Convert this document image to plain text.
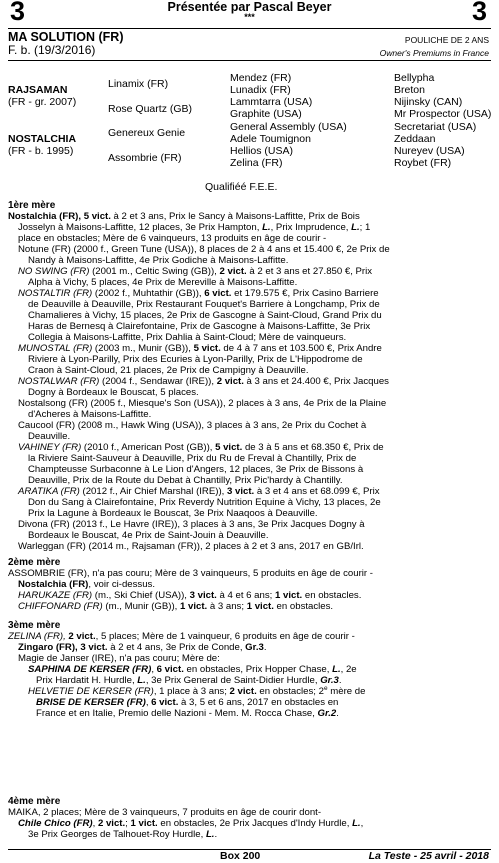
3	3
Présentée par Pascal Beyer
***
MA SOLUTION (FR)
F. b. (19/3/2016)
POULICHE DE 2 ANS
Owner's Premiums in France
RAJSAMAN
(FR - gr. 2007)
NOSTALCHIA
(FR - b. 1995)
Linamix (FR)
Rose Quartz (GB)
Genereux Genie
Assombrie (FR)
Mendez (FR)
Lunadix (FR)
Lammtarra (USA)
Graphite (USA)
General Assembly (USA)
Adele Toumignon
Hellios (USA)
Zelina (FR)
Bellypha
Breton
Nijinsky (CAN)
Mr Prospector (USA)
Secretariat (USA)
Zeddaan
Nureyev (USA)
Roybet (FR)
Qualifiéé F.E.E.
1ère mère
Nostalchia (FR), 5 vict. à 2 et 3 ans, Prix le Sancy à Maisons-Laffitte, Prix de Bois
Josselyn à Maisons-Laffitte, 12 places, 3e Prix Hampton, L., Prix Imprudence, L.; 1
place en obstacles; Mère de 6 vainqueurs, 13 produits en âge de courir -
Notune (FR) (2000 f., Green Tune (USA)), 8 places de 2 à 4 ans et 15.400 €, 2e Prix de
Nandy à Maisons-Laffitte, 4e Prix Godiche à Maisons-Laffitte.
NO SWING (FR) (2001 m., Celtic Swing (GB)), 2 vict. à 2 et 3 ans et 27.850 €, Prix
Alpha à Vichy, 5 places, 4e Prix de Mereville à Maisons-Laffitte.
NOSTALTIR (FR) (2002 f., Muhtathir (GB)), 6 vict. et 179.575 €, Prix Casino Barriere
de Deauville à Deauville, Prix Restaurant Fouquet's Barriere à Longchamp, Prix de
Chamalieres à Vichy, 15 places, 2e Prix de Gascogne à Saint-Cloud, Grand Prix du
Haras de Bernesq à Clairefontaine, Prix de Gascogne à Maisons-Laffitte, 3e Prix
Collegia à Maisons-Laffitte, Prix Dahlia à Saint-Cloud; Mère de vainqueurs.
MUNOSTAL (FR) (2003 m., Munir (GB)), 5 vict. de 4 à 7 ans et 103.500 €, Prix Andre
Riviere à Lyon-Parilly, Prix des Ecuries à Lyon-Parilly, Prix de L'Hippodrome de
Craon à Saint-Cloud, 21 places, 2e Prix de Campigny à Deauville.
NOSTALWAR (FR) (2004 f., Sendawar (IRE)), 2 vict. à 3 ans et 24.400 €, Prix Jacques
Dogny à Bordeaux le Bouscat, 5 places.
Nostalsong (FR) (2005 f., Miesque's Son (USA)), 2 places à 3 ans, 4e Prix de la Plaine
d'Acheres à Maisons-Laffitte.
Caucool (FR) (2008 m., Hawk Wing (USA)), 3 places à 3 ans, 2e Prix du Cochet à
Deauville.
VAHINEY (FR) (2010 f., American Post (GB)), 5 vict. de 3 à 5 ans et 68.350 €, Prix de
la Riviere Saint-Sauveur à Deauville, Prix du Ru de Freval à Chantilly, Prix de
Champteusse Surbaconne à Le Lion d'Angers, 12 places, 3e Prix de Bissons à
Deauville, Prix de la Route du Debat à Chantilly, Prix Pic'hardy à Chantilly.
ARATIKA (FR) (2012 f., Air Chief Marshal (IRE)), 3 vict. à 3 et 4 ans et 68.099 €, Prix
Don du Sang à Clairefontaine, Prix Reverdy Nutrition Equine à Vichy, 13 places, 2e
Prix la Lagune à Bordeaux le Bouscat, 3e Prix Naaqoos à Deauville.
Divona (FR) (2013 f., Le Havre (IRE)), 3 places à 3 ans, 3e Prix Jacques Dogny à
Bordeaux le Bouscat, 4e Prix de Saint-Jouin à Deauville.
Warleggan (FR) (2014 m., Rajsaman (FR)), 2 places à 2 et 3 ans, 2017 en GB/Irl.
2ème mère
ASSOMBRIE (FR), n'a pas couru; Mère de 3 vainqueurs, 5 produits en âge de courir -
Nostalchia (FR), voir ci-dessus.
HARUKAZE (FR) (m., Ski Chief (USA)), 3 vict. à 4 et 6 ans; 1 vict. en obstacles.
CHIFFONARD (FR) (m., Munir (GB)), 1 vict. à 3 ans; 1 vict. en obstacles.
3ème mère
ZELINA (FR), 2 vict., 5 places; Mère de 1 vainqueur, 6 produits en âge de courir -
Zingaro (FR), 3 vict. à 2 et 4 ans, 3e Prix de Conde, Gr.3.
Magie de Janser (IRE), n'a pas couru; Mère de:
SAPHINA DE KERSER (FR), 6 vict. en obstacles, Prix Hopper Chase, L., 2e
Prix Hardatit H. Hurdle, L., 3e Prix General de Saint-Didier Hurdle, Gr.3.
HELVETIE DE KERSER (FR), 1 place à 3 ans; 2 vict. en obstacles; 2e mère de
BRISE DE KERSER (FR), 6 vict. à 3, 5 et 6 ans, 2017 en obstacles en
France et en Italie, Premio delle Nazioni - Mem. M. Rocca Chase, Gr.2.
4ème mère
MAIKA, 2 places; Mère de 3 vainqueurs, 7 produits en âge de courir dont-
Chile Chico (FR), 2 vict.; 1 vict. en obstacles, 2e Prix Jacques d'Indy Hurdle, L.,
3e Prix Georges de Talhouet-Roy Hurdle, L..
Box 200	La Teste - 25 avril - 2018
